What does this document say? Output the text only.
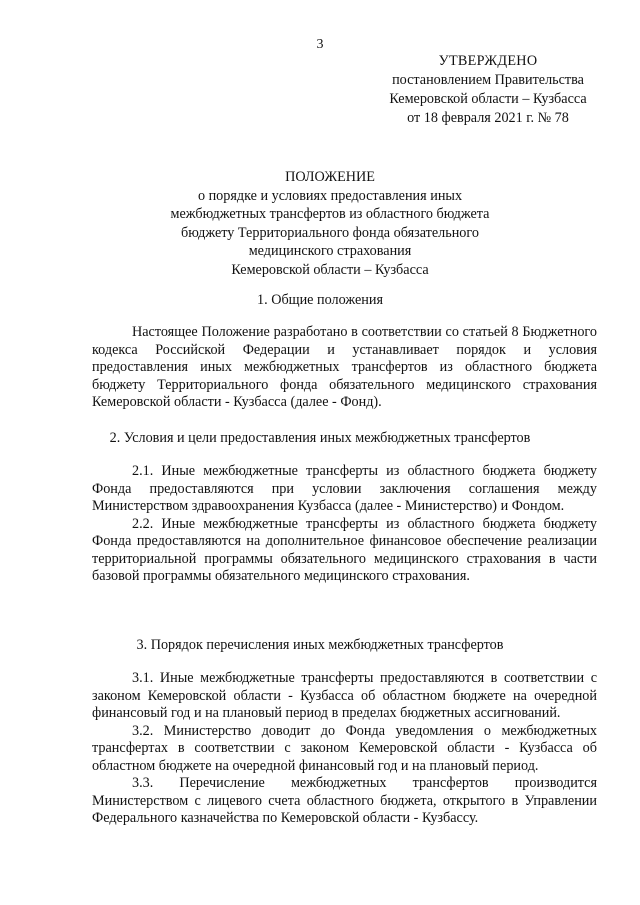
3
УТВЕРЖДЕНО
постановлением Правительства
Кемеровской области – Кузбасса
от 18 февраля 2021 г. № 78
ПОЛОЖЕНИЕ
о порядке и условиях предоставления иных
межбюджетных трансфертов из областного бюджета
бюджету Территориального фонда обязательного
медицинского страхования
Кемеровской области – Кузбасса
1. Общие положения

Настоящее Положение разработано в соответствии со статьей 8 Бюджетного кодекса Российской Федерации и устанавливает порядок и условия предоставления иных межбюджетных трансфертов из областного бюджета бюджету Территориального фонда обязательного медицинского страхования Кемеровской области - Кузбасса (далее - Фонд).

2. Условия и цели предоставления иных межбюджетных трансфертов

2.1. Иные межбюджетные трансферты из областного бюджета бюджету Фонда предоставляются при условии заключения соглашения между Министерством здравоохранения Кузбасса (далее - Министерство) и Фондом.

2.2. Иные межбюджетные трансферты из областного бюджета бюджету Фонда предоставляются на дополнительное финансовое обеспечение реализации территориальной программы обязательного медицинского страхования в части базовой программы обязательного медицинского страхования.

3. Порядок перечисления иных межбюджетных трансфертов

3.1. Иные межбюджетные трансферты предоставляются в соответствии с законом Кемеровской области - Кузбасса об областном бюджете на очередной финансовый год и на плановый период в пределах бюджетных ассигнований.

3.2. Министерство доводит до Фонда уведомления о межбюджетных трансфертах в соответствии с законом Кемеровской области - Кузбасса об областном бюджете на очередной финансовый год и на плановый период.

3.3. Перечисление межбюджетных трансфертов производится Министерством с лицевого счета областного бюджета, открытого в Управлении Федерального казначейства по Кемеровской области - Кузбассу.
